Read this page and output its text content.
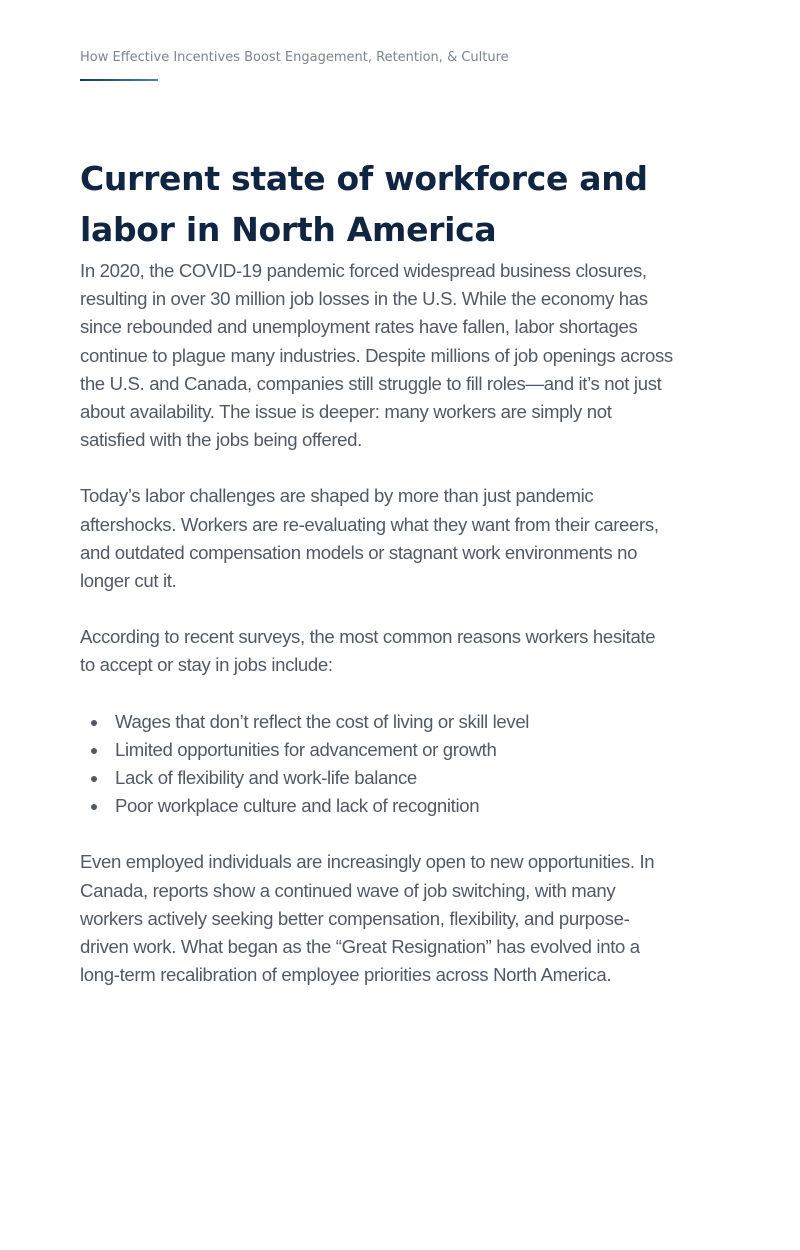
How Effective Incentives Boost Engagement, Retention, & Culture
Current state of workforce and
labor in North America

In 2020, the COVID-19 pandemic forced widespread business closures,
resulting in over 30 million job losses in the U.S. While the economy has
since rebounded and unemployment rates have fallen, labor shortages
continue to plague many industries. Despite millions of job openings across
the U.S. and Canada, companies still struggle to fill roles—and it’s not just
about availability. The issue is deeper: many workers are simply not
satisfied with the jobs being offered.

Today’s labor challenges are shaped by more than just pandemic
aftershocks. Workers are re-evaluating what they want from their careers,
and outdated compensation models or stagnant work environments no
longer cut it.

According to recent surveys, the most common reasons workers hesitate
to accept or stay in jobs include:

Wages that don’t reflect the cost of living or skill level
Limited opportunities for advancement or growth
Lack of flexibility and work-life balance
Poor workplace culture and lack of recognition

Even employed individuals are increasingly open to new opportunities. In
Canada, reports show a continued wave of job switching, with many
workers actively seeking better compensation, flexibility, and purpose-
driven work. What began as the “Great Resignation” has evolved into a
long-term recalibration of employee priorities across North America.
